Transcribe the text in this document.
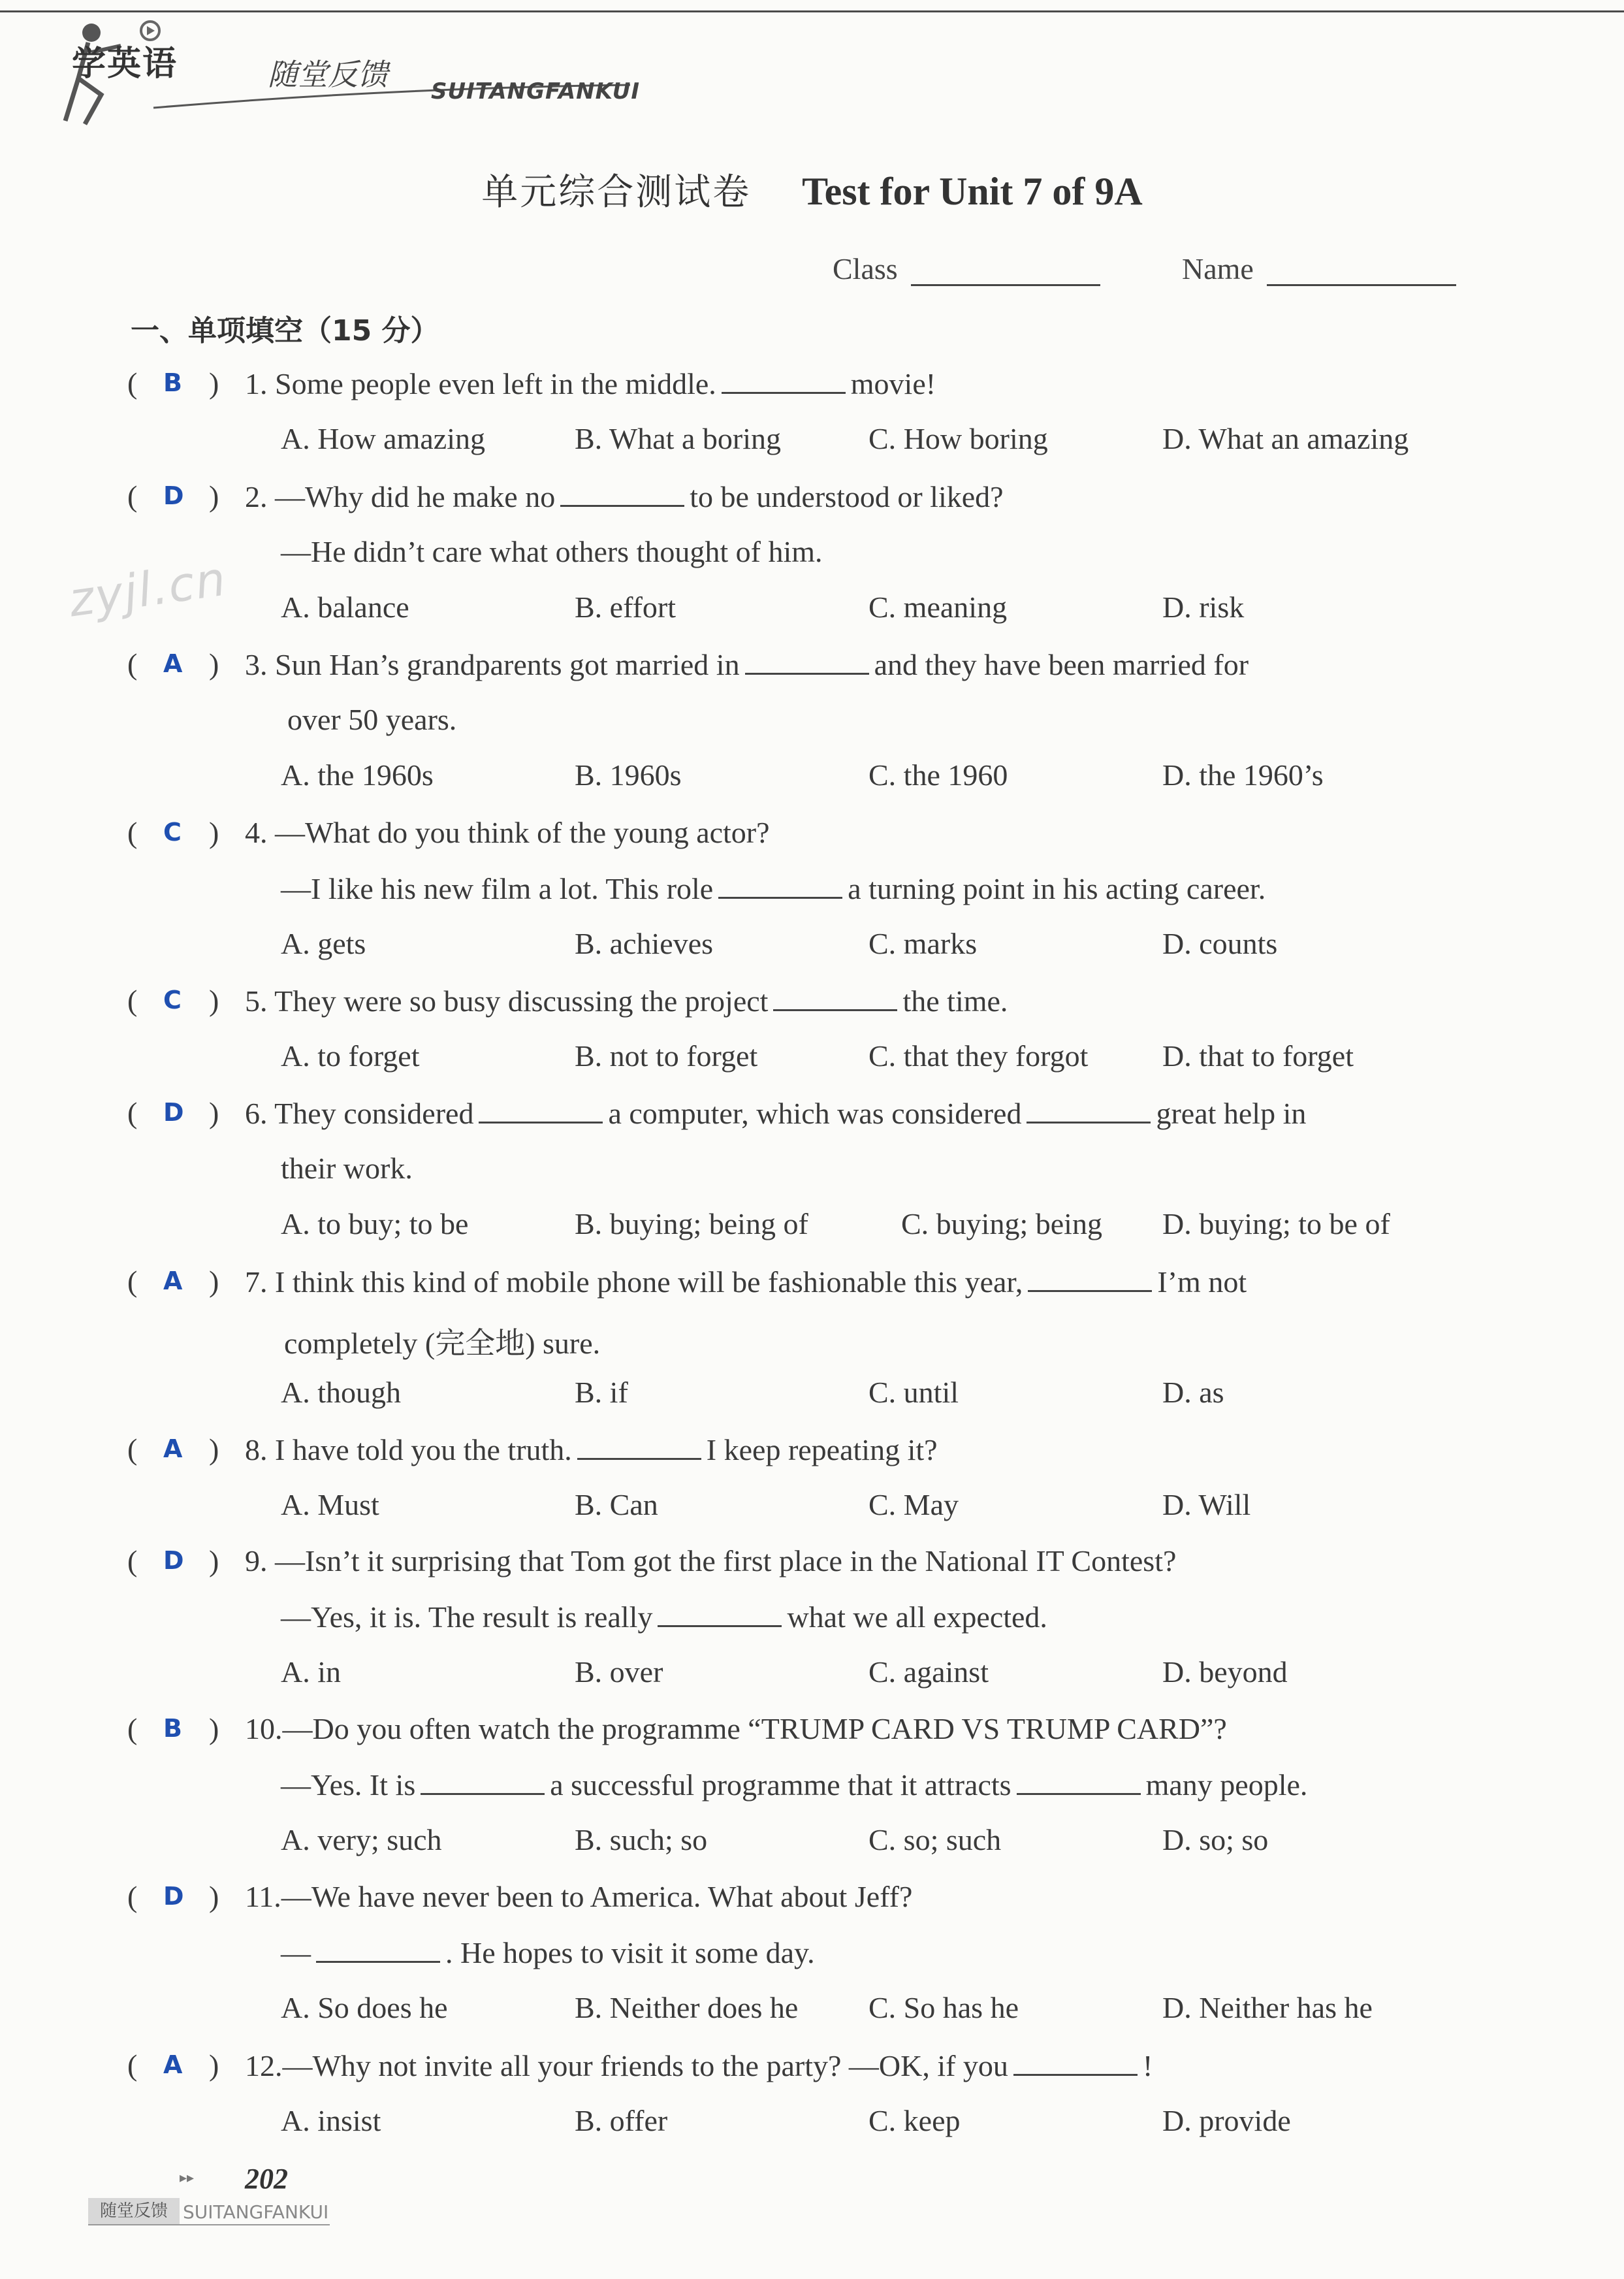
学英语	随堂反馈 SUITANGFANKUI
单元综合测试卷 Test for Unit 7 of 9A
Class	Name
一、单项填空（15 分）
zyjl.cn
( B ) 1. Some people even left in the middle.	movie!
A. How amazing	B. What a boring	C. How boring	D. What an amazing
( D ) 2. —Why did he make no	to be understood or liked?
—He didn’t care what others thought of him.
A. balance	B. effort	C. meaning	D. risk
( A ) 3. Sun Han’s grandparents got married in	and they have been married for
over 50 years.
A. the 1960s	B. 1960s	C. the 1960	D. the 1960’s
( C ) 4. —What do you think of the young actor?
—I like his new film a lot. This role	a turning point in his acting career.
A. gets	B. achieves	C. marks	D. counts
( C ) 5. They were so busy discussing the project	the time.
A. to forget	B. not to forget	C. that they forgot D. that to forget
( D ) 6. They considered	a computer, which was considered	great help in
their work.
A. to buy; to be	B. buying; being of	C. buying; being D. buying; to be of
( A ) 7. I think this kind of mobile phone will be fashionable this year,	I’m not
completely (完全地) sure.
A. though	B. if	C. until	D. as
( A ) 8. I have told you the truth.	I keep repeating it?
A. Must	B. Can	C. May	D. Will
( D ) 9. —Isn’t it surprising that Tom got the first place in the National IT Contest?
—Yes, it is. The result is really	what we all expected.
A. in	B. over	C. against	D. beyond
( B ) 10.—Do you often watch the programme “TRUMP CARD VS TRUMP CARD”?
—Yes. It is	a successful programme that it attracts	many people.
A. very; such	B. such; so	C. so; such	D. so; so
( D ) 11.—We have never been to America. What about Jeff?
—	. He hopes to visit it some day.
A. So does he	B. Neither does he C. So has he	D. Neither has he
( A ) 12.—Why not invite all your friends to the party? —OK, if you	!
A. insist	B. offer	C. keep	D. provide
▸▸ 202
随堂反馈 SUITANGFANKUI
